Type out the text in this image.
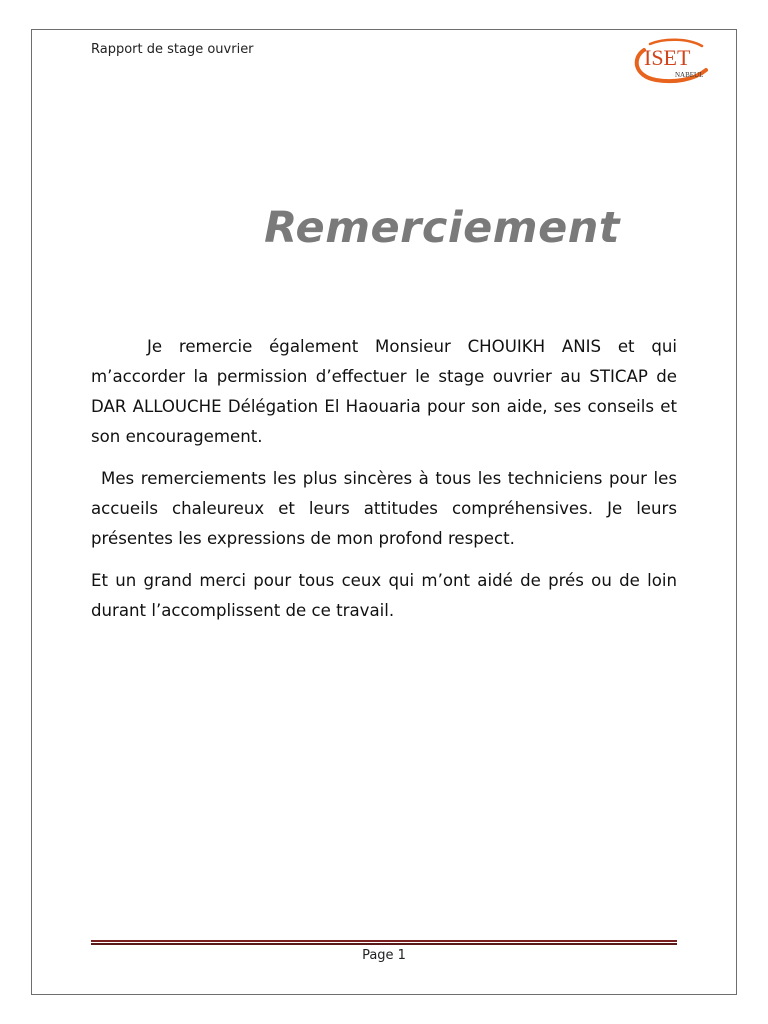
Rapport de stage ouvrier	ISET
NABEUL
Remerciement

Je remercie également Monsieur CHOUIKH ANIS et qui m’accorder la permission d’effectuer le stage ouvrier au STICAP de DAR ALLOUCHE Délégation El Haouaria pour son aide, ses conseils et son encouragement.

Mes remerciements les plus sincères à tous les techniciens pour les accueils chaleureux et leurs attitudes compréhensives. Je leurs présentes les expressions de mon profond respect.

Et un grand merci pour tous ceux qui m’ont aidé de prés ou de loin durant l’accomplissent de ce travail.

Page 1
